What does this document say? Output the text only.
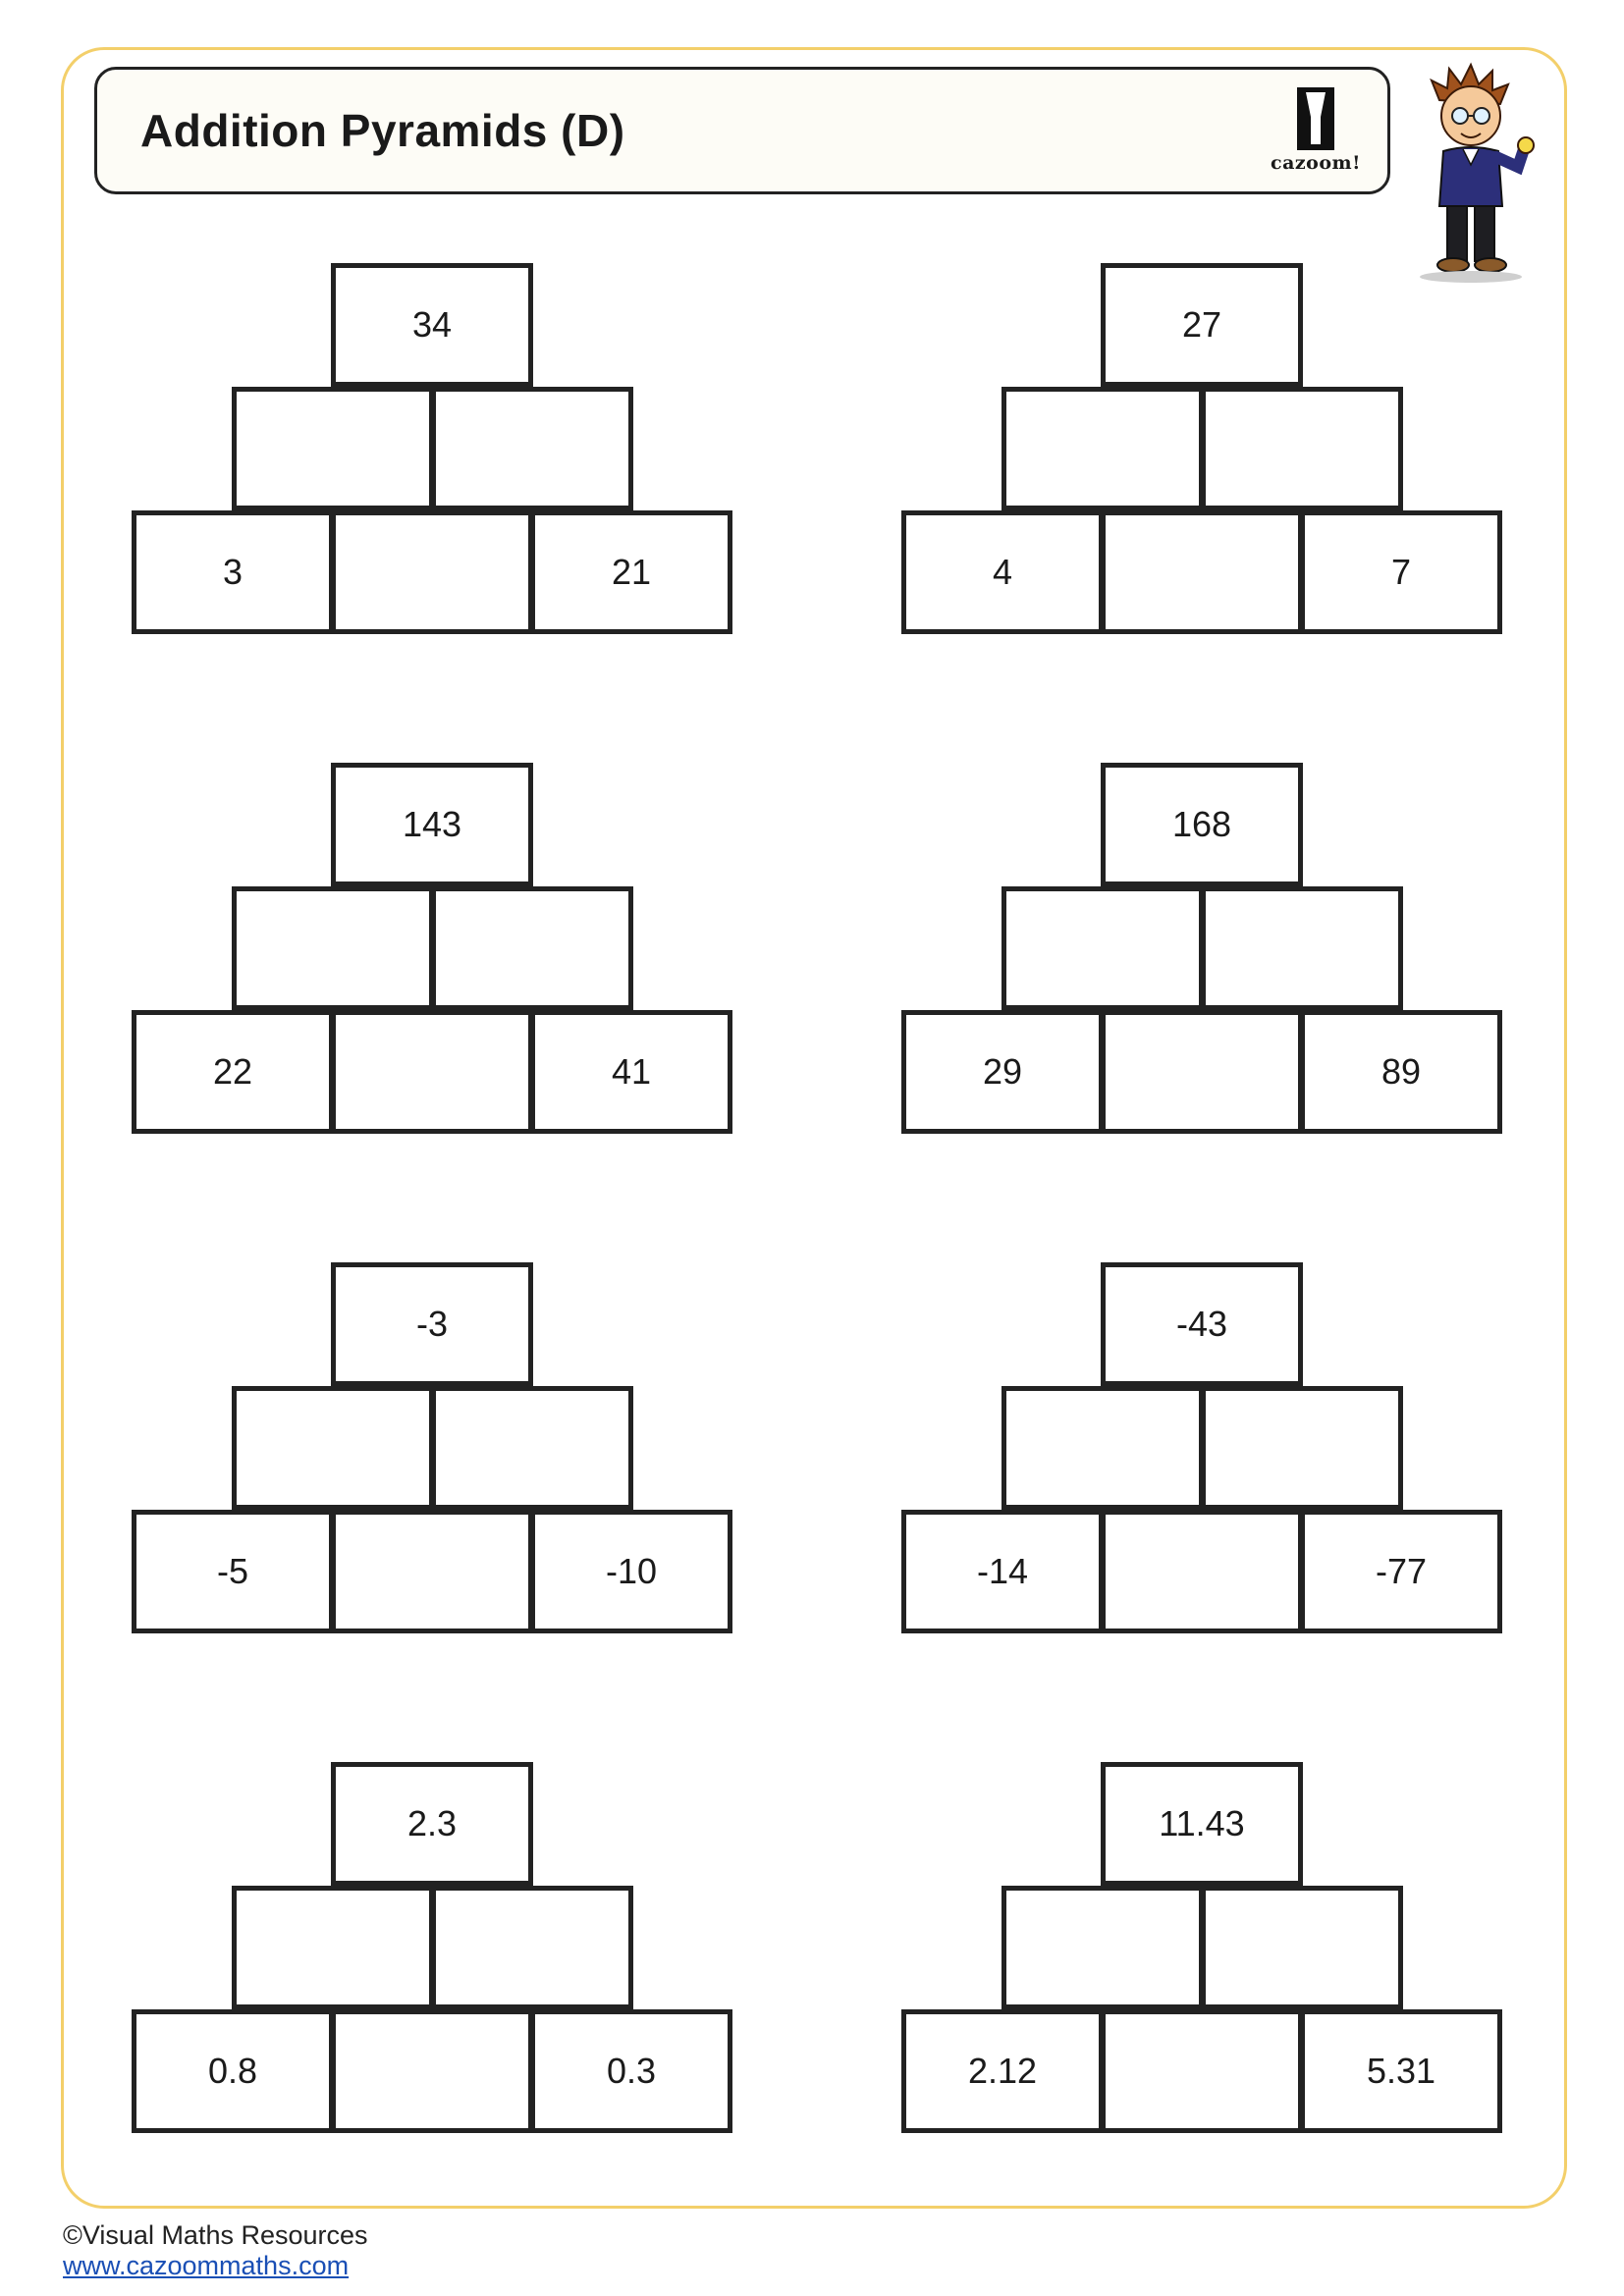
Addition Pyramids (D)
cazoom!
34
3	21
27
4	7
143
22	41
168
29	89
-3
-5	-10
-43
-14	-77
2.3
0.8	0.3
11.43
2.12	5.31
©Visual Maths Resources
www.cazoommaths.com
